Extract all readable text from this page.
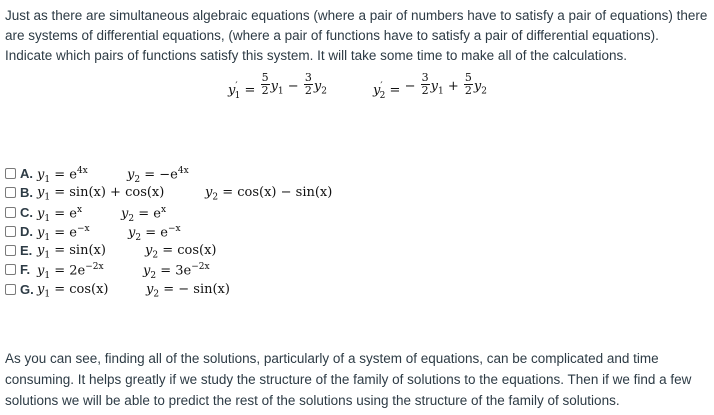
Just as there are simultaneous algebraic equations (where a pair of numbers have to satisfy a pair of equations) there are systems of differential equations, (where a pair of functions have to satisfy a pair of differential equations). Indicate which pairs of functions satisfy this system. It will take some time to make all of the calculations.
$y'_1 = \frac{5}{2} y_1 - \frac{3}{2} y_2$	$y'_2$ = − $\frac{3}{2} y_1 + \frac{5}{2} y_2$
A. $y_1 = e^{4x}$	$y_2 = -e^{4x}$
B. $y_1 = \sin(x) + \cos(x)$	$y_2 = \cos(x) - \sin(x)$
C. $y_1 = e^x$	$y_2 = e^x$
D. $y_1 = e^{-x}$	$y_2 = e^{-x}$
E. $y_1 = \sin(x)$	$y_2 = \cos(x)$
F. $y_1 = 2e^{-2x}$	$y_2 = 3e^{-2x}$
G. $y_1 = \cos(x)$	$y_2$ = − sin(x)
As you can see, finding all of the solutions, particularly of a system of equations, can be complicated and time consuming. It helps greatly if we study the structure of the family of solutions to the equations. Then if we find a few solutions we will be able to predict the rest of the solutions using the structure of the family of solutions.
